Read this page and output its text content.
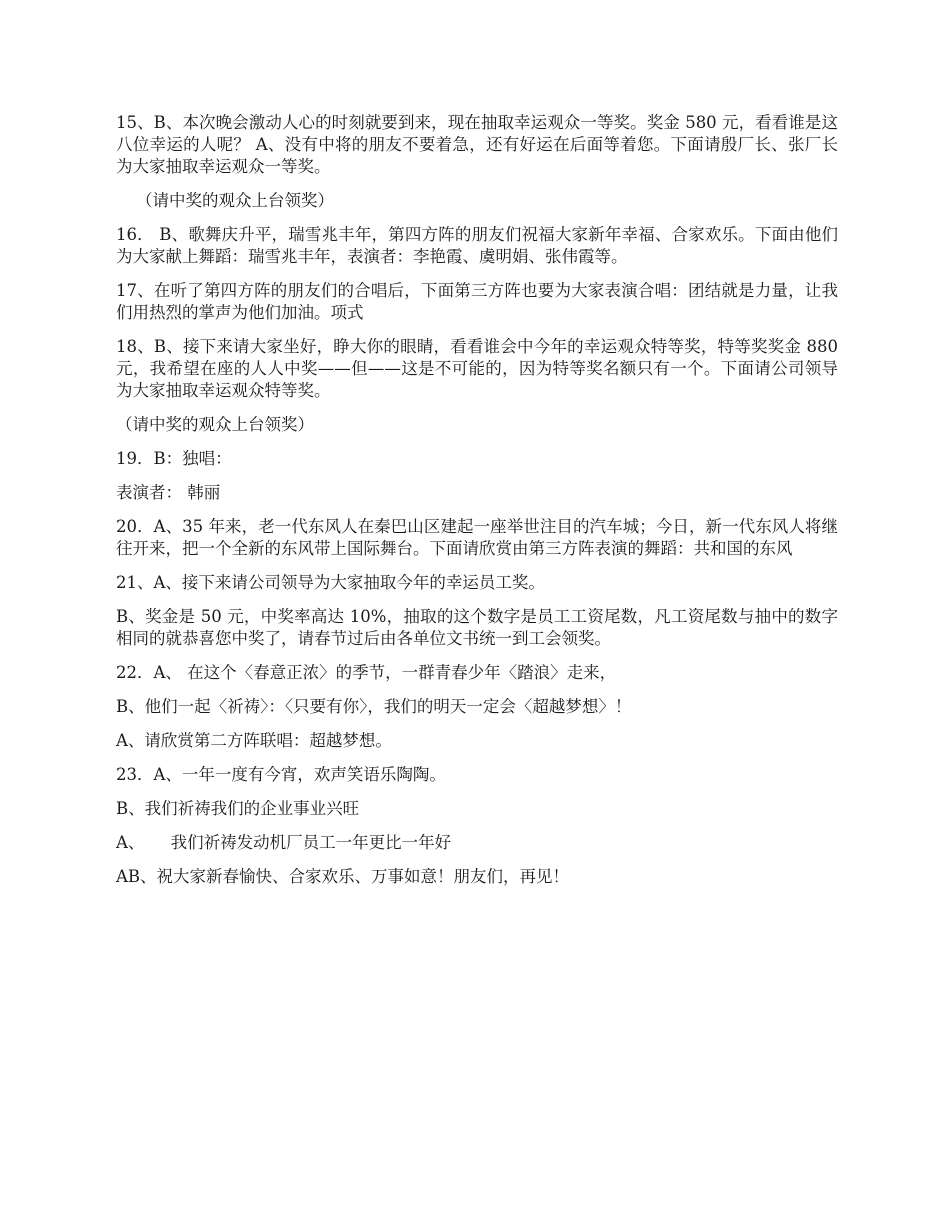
15、B、本次晚会激动人心的时刻就要到来，现在抽取幸运观众一等奖。奖金 580 元，看看谁是这八位幸运的人呢？ A、没有中将的朋友不要着急，还有好运在后面等着您。下面请殷厂长、张厂长为大家抽取幸运观众一等奖。

（请中奖的观众上台领奖）

16． B、歌舞庆升平，瑞雪兆丰年，第四方阵的朋友们祝福大家新年幸福、合家欢乐。下面由他们为大家献上舞蹈：瑞雪兆丰年，表演者：李艳霞、虞明娟、张伟霞等。

17、在听了第四方阵的朋友们的合唱后，下面第三方阵也要为大家表演合唱：团结就是力量，让我们用热烈的掌声为他们加油。项式

18、B、接下来请大家坐好，睁大你的眼睛，看看谁会中今年的幸运观众特等奖，特等奖奖金 880 元，我希望在座的人人中奖——但——这是不可能的，因为特等奖名额只有一个。下面请公司领导为大家抽取幸运观众特等奖。

（请中奖的观众上台领奖）

19．B：独唱：

表演者： 韩丽

20．A、35 年来，老一代东风人在秦巴山区建起一座举世注目的汽车城；今日，新一代东风人将继往开来，把一个全新的东风带上国际舞台。下面请欣赏由第三方阵表演的舞蹈：共和国的东风

21、A、接下来请公司领导为大家抽取今年的幸运员工奖。

B、奖金是 50 元，中奖率高达 10%，抽取的这个数字是员工工资尾数，凡工资尾数与抽中的数字相同的就恭喜您中奖了，请春节过后由各单位文书统一到工会领奖。

22．A、 在这个〈春意正浓〉的季节，一群青春少年〈踏浪〉走来，

B、他们一起〈祈祷〉：〈只要有你〉，我们的明天一定会〈超越梦想〉！

A、请欣赏第二方阵联唱：超越梦想。

23．A、一年一度有今宵，欢声笑语乐陶陶。

B、我们祈祷我们的企业事业兴旺

A、     我们祈祷发动机厂员工一年更比一年好

AB、祝大家新春愉快、合家欢乐、万事如意！朋友们，再见！
